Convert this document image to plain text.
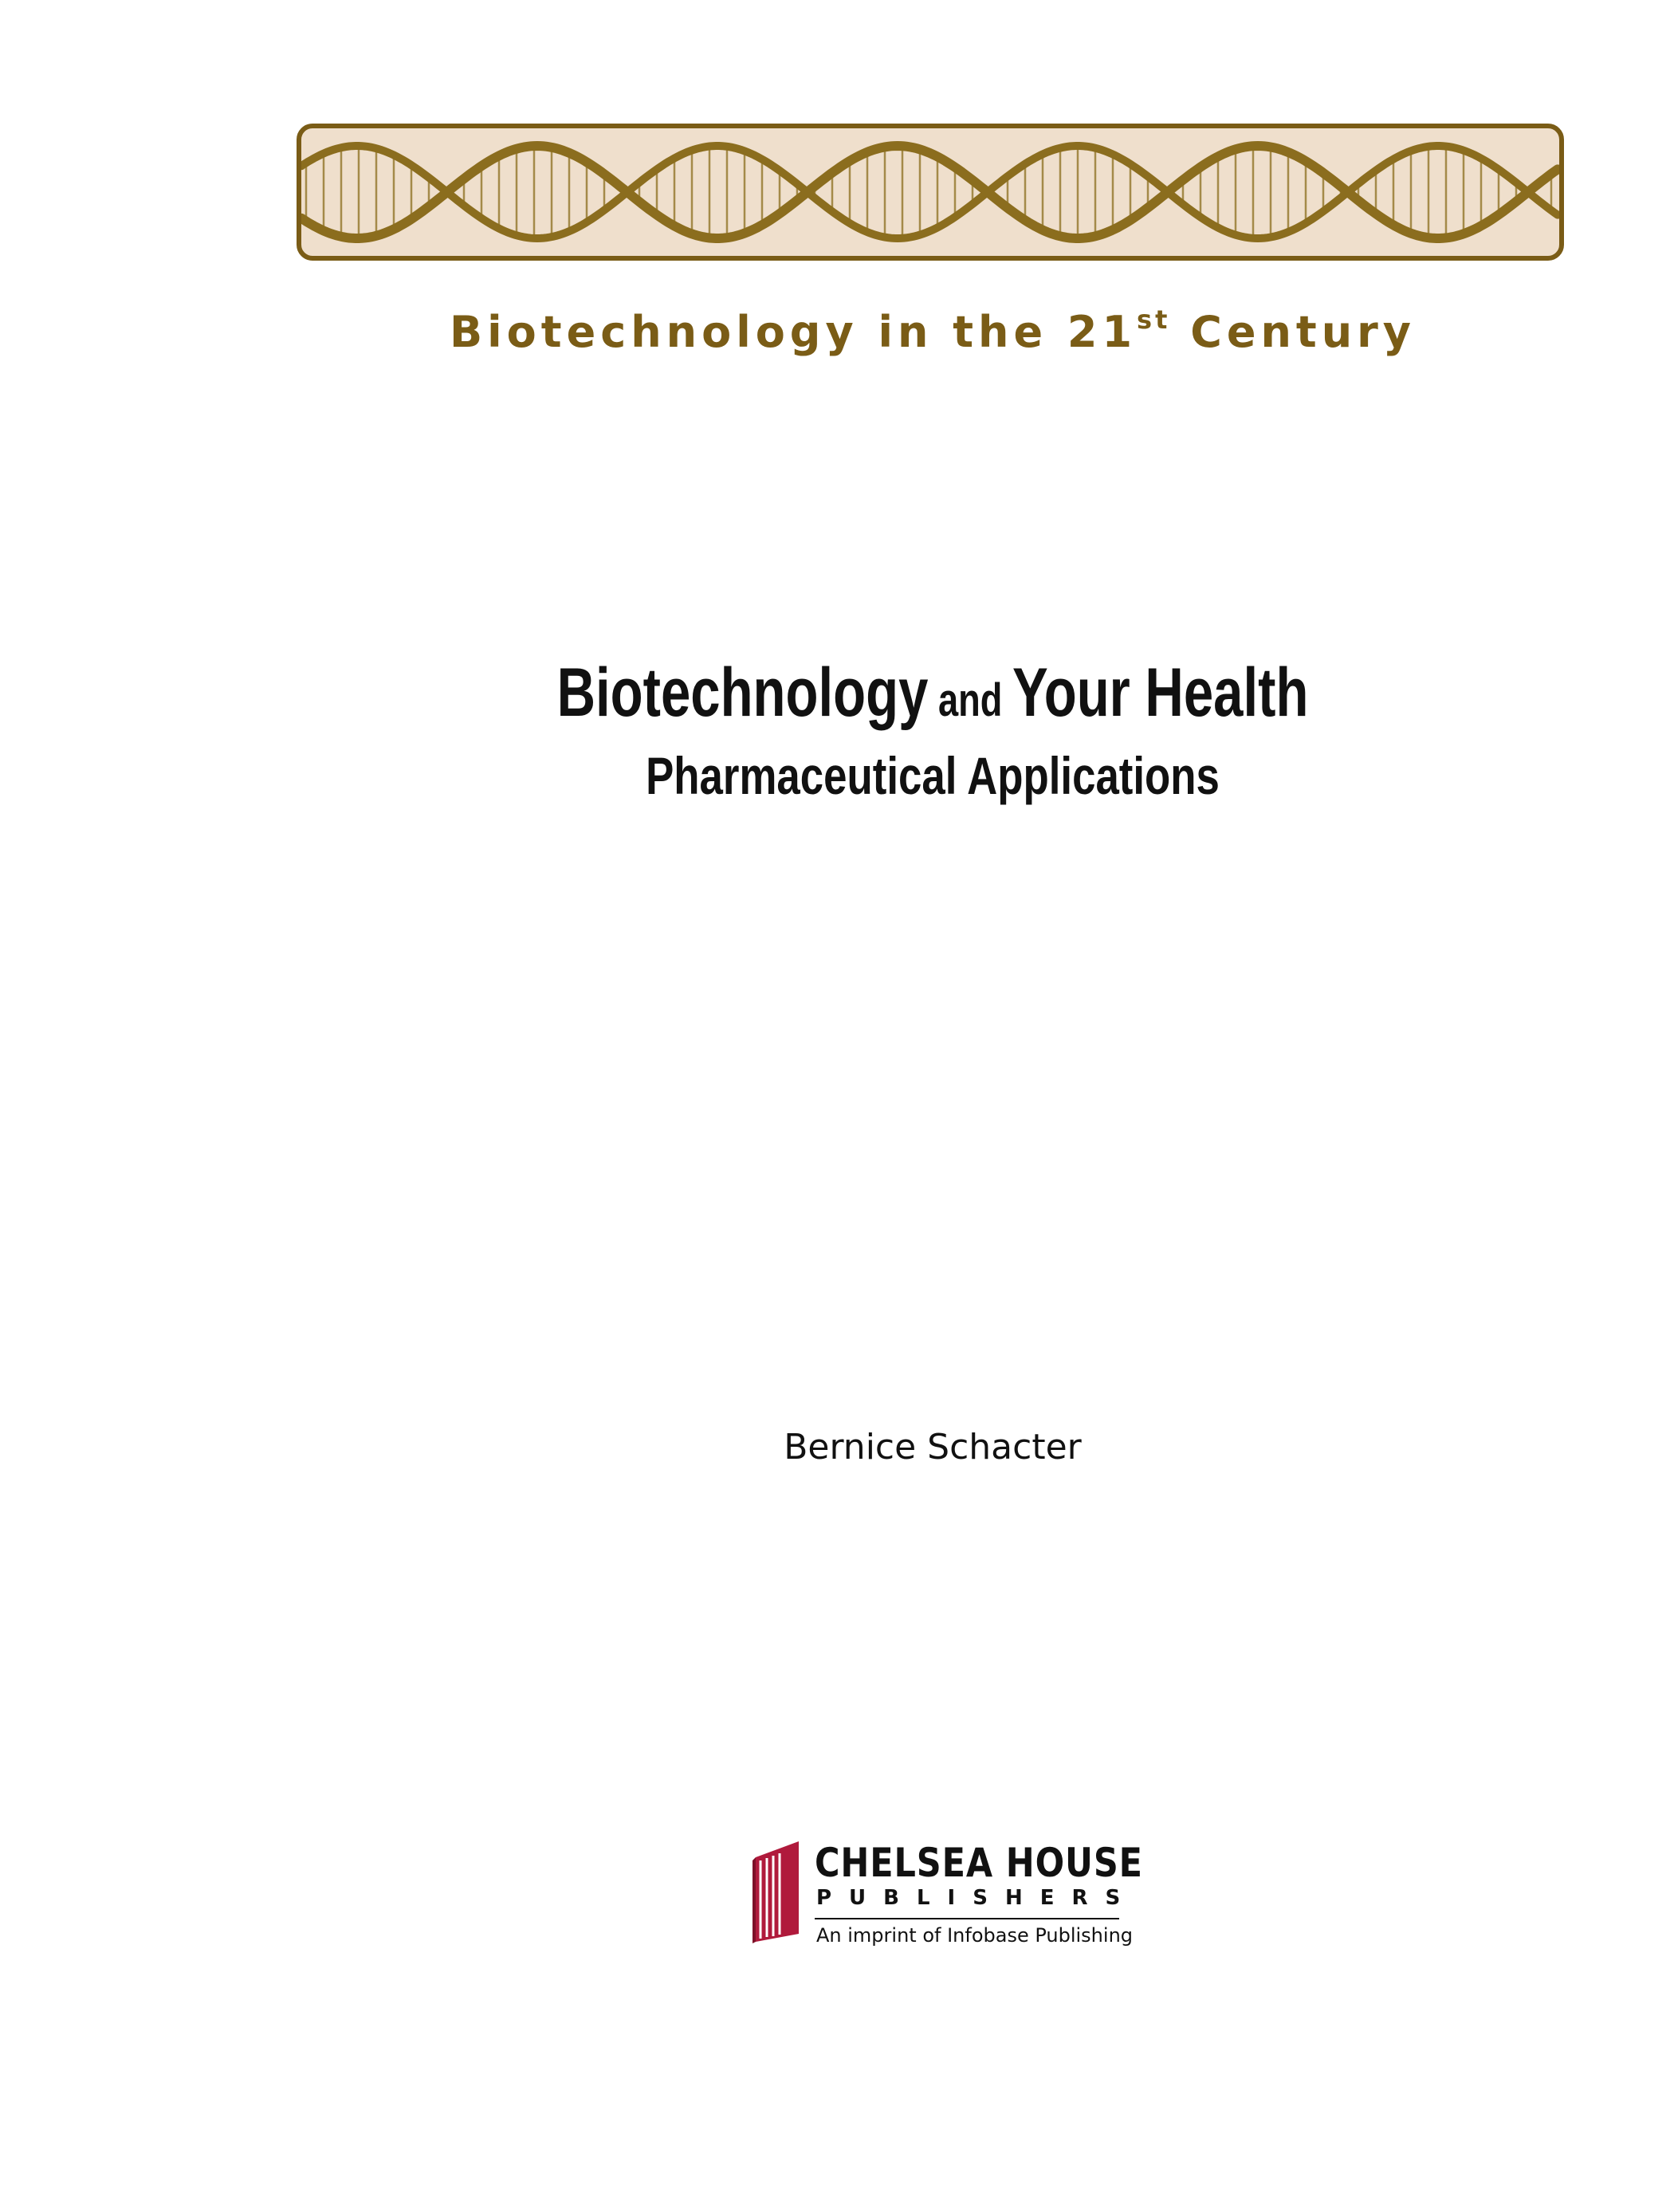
Biotechnology in the 21st Century
Biotechnology and Your Health
Pharmaceutical Applications
Bernice Schacter
CHELSEA HOUSE
PUBLISHERS
An imprint of Infobase Publishing
